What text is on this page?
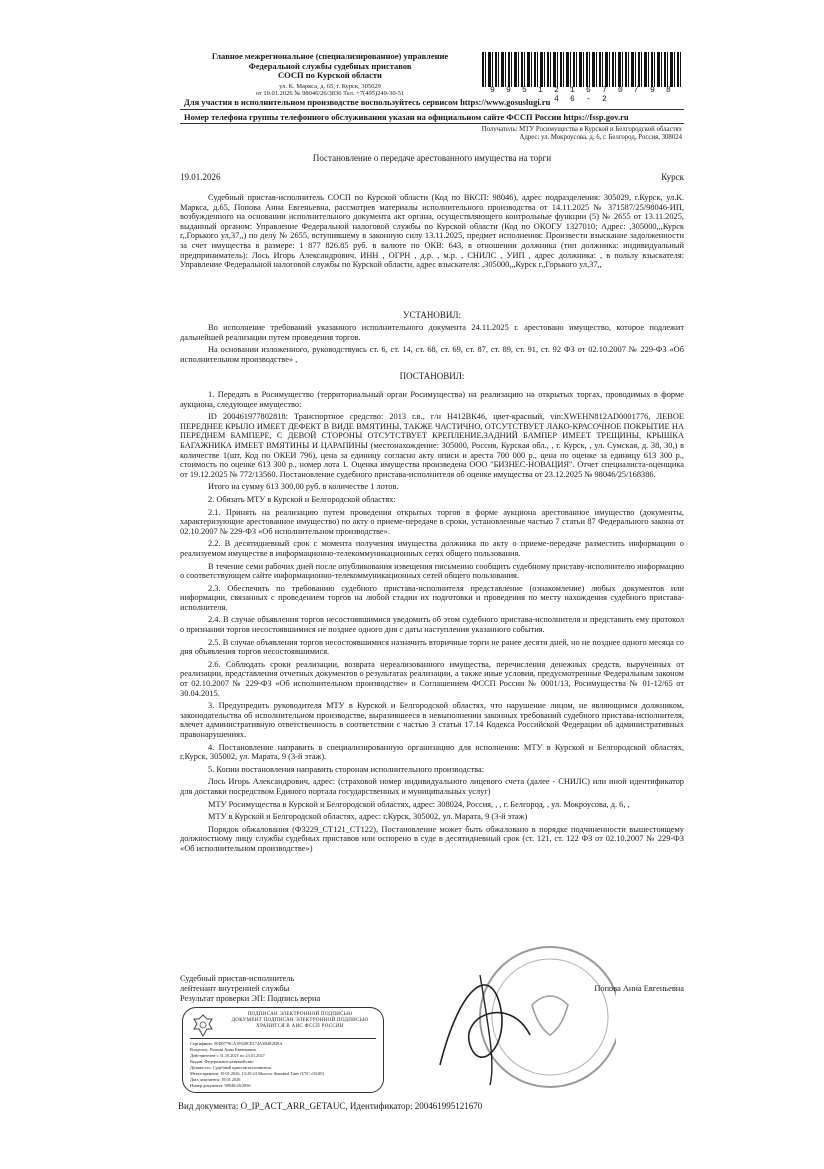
Главное межрегиональное (специализированное) управление
Федеральной службы судебных приставов
СОСП по Курской области
ул. К. Маркса, д. 65, г. Курск, 305029
от 19.01.2026 № 98046/26/3836 Тел. +7(495)249-30-51	9 9 5 1 2 1 6 7 0 / 9 8 4 6 - 2
Для участия в исполнительном производстве воспользуйтесь сервисом https://www.gosuslugi.ru
Номер телефона группы телефонного обслуживания указан на официальном сайте ФССП России https://fssp.gov.ru
Получатель: МТУ Росимущества в Курской и Белгородской областях
Адрес: ул. Мокроусова, д. 6, г. Белгород, Россия, 308024
Постановление о передаче арестованного имущества на торги
19.01.2026	Курск

Судебный пристав-исполнитель СОСП по Курской области (Код по ВКСП: 98046), адрес подразделения: 305029, г.Курск, ул.К. Маркса, д.65, Попова Анна Евгеньевна, рассмотрев материалы исполнительного производства от 14.11.2025 № 371587/25/98046-ИП, возбужденного на основании исполнительного документа акт органа, осуществляющего контрольные функции (5) № 2655 от 13.11.2025, выданный органом: Управление Федеральной налоговой службы по Курской области (Код по ОКОГУ 1327010; Адрес: ,305000,,,Курск г,,Горького ул,37,,) по делу № 2655, вступившему в законную силу 13.11.2025, предмет исполнения: Произвести взыскание задолженности за счет имущества в размере: 1 877 826.85 руб. в валюте по ОКВ: 643, в отношении должника (тип должника: индивидуальный предприниматель): Лось Игорь Александрович, ИНН , ОГРН , д.р. , м.р. , СНИЛС , УИП , адрес должника: , в пользу взыскателя: Управление Федеральной налоговой службы по Курской области, адрес взыскателя: ,305000,,,Курск г,,Горького ул,37,,

УСТАНОВИЛ:

Во исполнение требований указанного исполнительного документа 24.11.2025 г. арестовано имущество, которое подлежит дальнейшей реализации путем проведения торгов.

На основании изложенного, руководствуясь ст. 6, ст. 14, ст. 68, ст. 69, ст. 87, ст. 89, ст. 91, ст. 92 ФЗ от 02.10.2007 № 229-ФЗ «Об исполнительном производстве» ,

ПОСТАНОВИЛ:

1. Передать в Росимущество (территориальный орган Росимущества) на реализацию на открытых торгах, проводимых в форме аукциона, следующее имущество:

ID 200461977802818: Транспортное средство: 2013 г.в., г/н Н412ВК46, цвет-красный, vin:XWEHN812AD0001776, ЛЕВОЕ ПЕРЕДНЕЕ КРЫЛО ИМЕЕТ ДЕФЕКТ В ВИДЕ ВМЯТИНЫ, ТАКЖЕ ЧАСТИЧНО, ОТСУТСТВУЕТ ЛАКО-КРАСОЧНОЕ ПОКРЫТИЕ НА ПЕРЕДНЕМ БАМПЕРЕ, С ДЕВОЙ СТОРОНЫ ОТСУТСТВУЕТ КРЕПЛЕНИЕ.ЗАДНИЙ БАМПЕР ИМЕЕТ ТРЕЩИНЫ, КРЫШКА БАГАЖНИКА ИМЕЕТ ВМЯТИНЫ И ЦАРАПИНЫ (местонахождение: 305000, Россия, Курская обл., , г. Курск, , ул. Сумская, д. 38, 30,) в количестве 1(шт, Код по ОКЕИ 796), цена за единицу согласно акту описи и ареста 700 000 р., цена по оценке за единицу 613 300 р., стоимость по оценке 613 300 р., номер лота 1. Оценка имущества произведена ООО "БИЗНЕС-НОВАЦИЯ". Отчет специалиста-оценщика от 19.12.2025 № 772/13560. Постановление судебного пристава-исполнителя об оценке имущества от 23.12.2025 № 98046/25/168386.

Итого на сумму 613 300,00 руб. в количестве 1 лотов.

2. Обязать МТУ в Курской и Белгородской областях:

2.1. Принять на реализацию путем проведения открытых торгов в форме аукциона арестованное имущество (документы, характеризующие арестованное имущество) по акту о приеме-передаче в сроки, установленные частью 7 статьи 87 Федерального закона от 02.10.2007 № 229-ФЗ «Об исполнительном производстве».

2.2. В десятидневный срок с момента получения имущества должника по акту о приеме-передаче разместить информацию о реализуемом имуществе в информационно-телекоммуникационных сетях общего пользования.

В течение семи рабочих дней после опубликования извещения письменно сообщить судебному приставу-исполнителю информацию о соответствующем сайте информационно-телекоммуникационных сетей общего пользования.

2.3. Обеспечить по требованию судебного пристава-исполнителя представление (ознакомление) любых документов или информации, связанных с проведением торгов на любой стадии их подготовки и проведения по месту нахождения судебного пристава-исполнителя.

2.4. В случае объявления торгов несостоявшимися уведомить об этом судебного пристава-исполнителя и представить ему протокол о признании торгов несостоявшимися не позднее одного дня с даты наступления указанного события.

2.5. В случае объявления торгов несостоявшимися назначить вторичные торги не ранее десяти дней, но не позднее одного месяца со дня объявления торгов несостоявшимися.

2.6. Соблюдать сроки реализации, возврата нереализованного имущества, перечисления денежных средств, вырученных от реализации, представления отчетных документов о результатах реализации, а также иные условия, предусмотренные Федеральным законом от 02.10.2007 № 229-ФЗ «Об исполнительном производстве» и Соглашением ФССП России № 0001/13, Росимущества № 01-12/65 от 30.04.2015.

3. Предупредить руководителя МТУ в Курской и Белгородской областях, что нарушение лицом, не являющимся должником, законодательства об исполнительном производстве, выразившееся в невыполнении законных требований судебного пристава-исполнителя, влечет административную ответственность в соответствии с частью 3 статьи 17.14 Кодекса Российской Федерации об административных правонарушениях.

4. Постановление направить в специализированную организацию для исполнения: МТУ в Курской и Белгородской областях, г.Курск, 305002, ул. Марата, 9 (3-й этаж).

5. Копии постановления направить сторонам исполнительного производства:

Лось Игорь Александрович, адрес: (страховой номер индивидуального лицевого счета (далее - СНИЛС) или иной идентификатор для доставки посредством Единого портала государственных и муниципальных услуг)

МТУ Росимущества в Курской и Белгородской областях, адрес: 308024, Россия, , , г. Белгород, , ул. Мокроусова, д. 6, ,

МТУ в Курской и Белгородской областях, адрес: г.Курск, 305002, ул. Марата, 9 (3-й этаж)

Порядок обжалования (Ф3229_СТ121_СТ122), Постановление может быть обжаловано в порядке подчиненности вышестоящему должностному лицу службы судебных приставов или оспорено в суде в десятидневный срок (ст. 121, ст. 122 ФЗ от 02.10.2007 № 229-ФЗ «Об исполнительном производстве»)

Судебный пристав-исполнитель
лейтенант внутренней службы
Результат проверки ЭП: Подпись верна
Попова Анна Евгеньевна
ПОДПИСАН ЭЛЕКТРОННОЙ ПОДПИСЬЮ
ДОКУМЕНТ ПОДПИСАН ЭЛЕКТРОННОЙ ПОДПИСЬЮ ХРАНИТСЯ В АИС ФССП РОССИИ
Сертификат: 00D9779CA1F028CE174A3B4E2D8A
Владелец: Попова Анна Евгеньевна
Действителен с 31.10.2025 по 23.01.2027
Выдан: Федеральное казначейство
Должность: Судебный пристав-исполнитель
Метка времени: 19.01.2026, 13:29:24 Moscow Standard Time (UTC+03:00)
Дата документа: 19.01.2026
Номер документа: 98046/26/3836
Вид документа: O_IP_ACT_ARR_GETAUC, Идентификатор: 200461995121670
